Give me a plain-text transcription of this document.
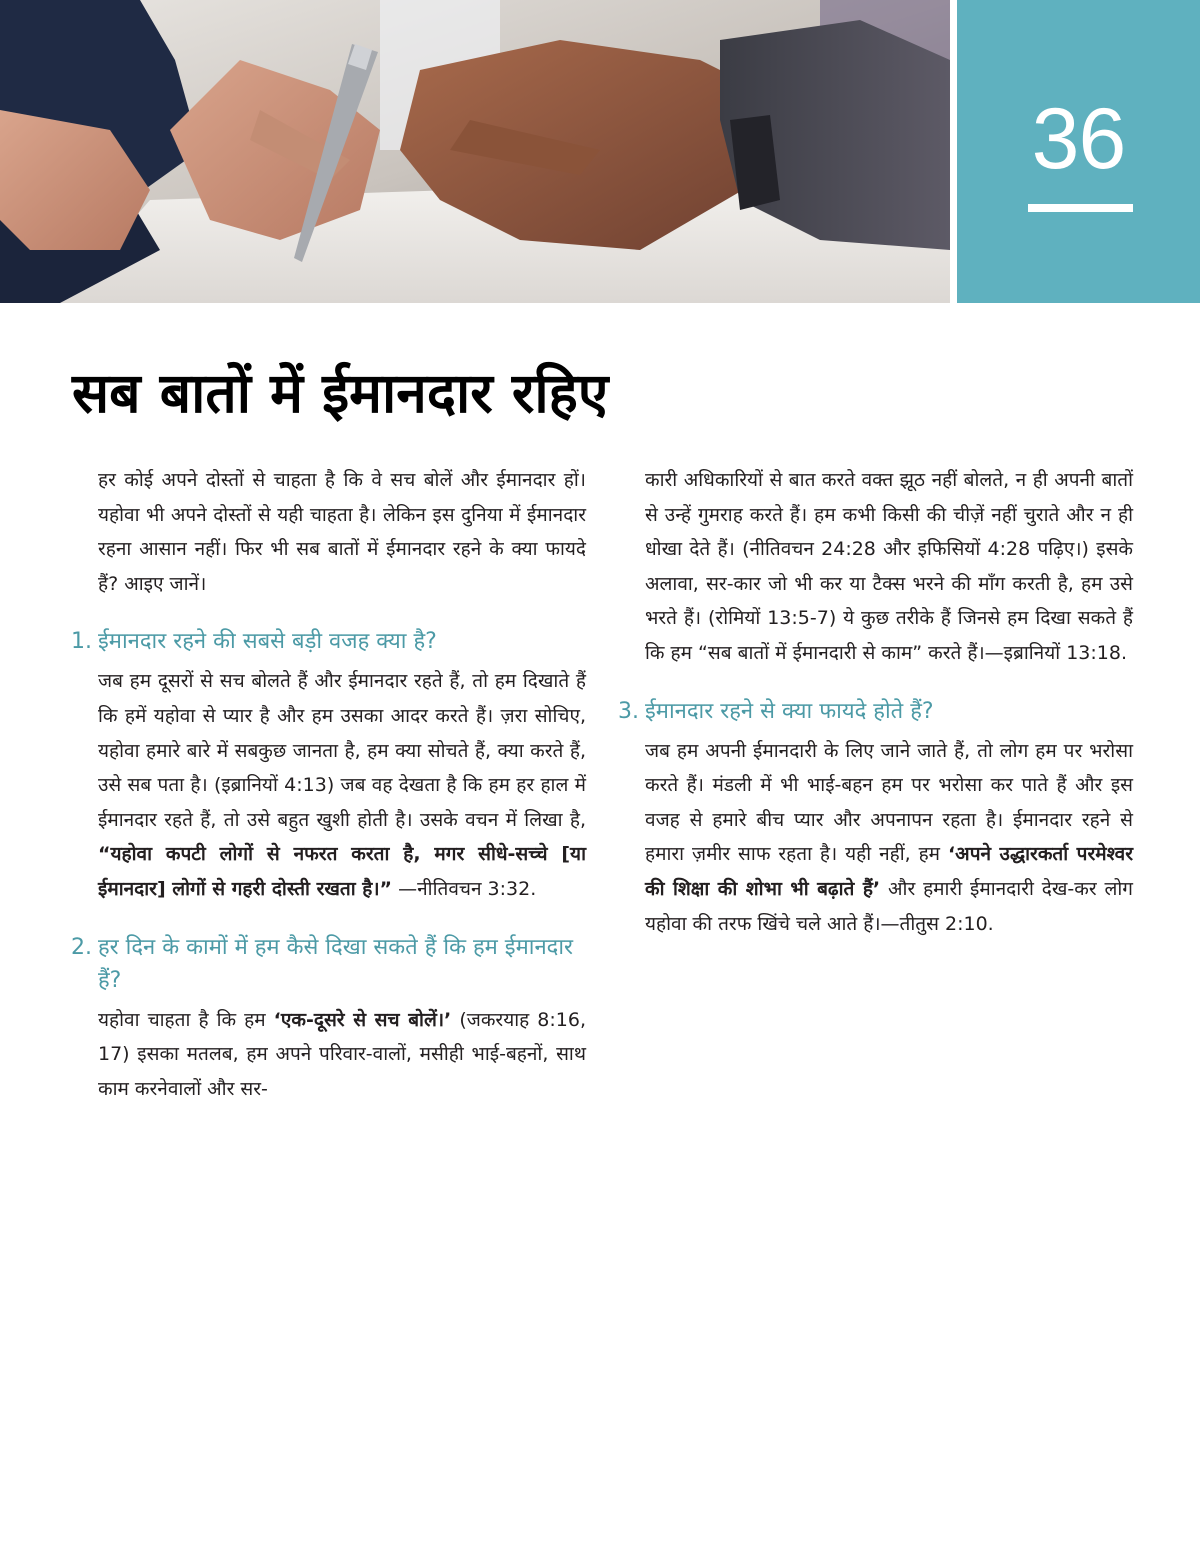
36
सब बातों में ईमानदार रहिए

हर कोई अपने दोस्तों से चाहता है कि वे सच बोलें और ईमानदार हों। यहोवा भी अपने दोस्तों से यही चाहता है। लेकिन इस दुनिया में ईमानदार रहना आसान नहीं। फिर भी सब बातों में ईमानदार रहने के क्या फायदे हैं? आइए जानें।

1. ईमानदार रहने की सबसे बड़ी वजह क्या है?

जब हम दूसरों से सच बोलते हैं और ईमानदार रहते हैं, तो हम दिखाते हैं कि हमें यहोवा से प्यार है और हम उसका आदर करते हैं। ज़रा सोचिए, यहोवा हमारे बारे में सबकुछ जानता है, हम क्या सोचते हैं, क्या करते हैं, उसे सब पता है। (इब्रानियों 4:13) जब वह देखता है कि हम हर हाल में ईमानदार रहते हैं, तो उसे बहुत खुशी होती है। उसके वचन में लिखा है, “यहोवा कपटी लोगों से नफरत करता है, मगर सीधे-सच्चे [या ईमानदार] लोगों से गहरी दोस्ती रखता है।” —नीतिवचन 3:32.

2. हर दिन के कामों में हम कैसे दिखा सकते हैं कि हम ईमानदार हैं?

यहोवा चाहता है कि हम ‘एक-दूसरे से सच बोलें।’ (जकरयाह 8:16, 17) इसका मतलब, हम अपने परिवार-वालों, मसीही भाई-बहनों, साथ काम करनेवालों और सर-

कारी अधिकारियों से बात करते वक्त झूठ नहीं बोलते, न ही अपनी बातों से उन्हें गुमराह करते हैं। हम कभी किसी की चीज़ें नहीं चुराते और न ही धोखा देते हैं। (नीतिवचन 24:28 और इफिसियों 4:28 पढ़िए।) इसके अलावा, सर-कार जो भी कर या टैक्स भरने की माँग करती है, हम उसे भरते हैं। (रोमियों 13:5-7) ये कुछ तरीके हैं जिनसे हम दिखा सकते हैं कि हम “सब बातों में ईमानदारी से काम” करते हैं।—इब्रानियों 13:18.

3. ईमानदार रहने से क्या फायदे होते हैं?

जब हम अपनी ईमानदारी के लिए जाने जाते हैं, तो लोग हम पर भरोसा करते हैं। मंडली में भी भाई-बहन हम पर भरोसा कर पाते हैं और इस वजह से हमारे बीच प्यार और अपनापन रहता है। ईमानदार रहने से हमारा ज़मीर साफ रहता है। यही नहीं, हम ‘अपने उद्धारकर्ता परमेश्वर की शिक्षा की शोभा भी बढ़ाते हैं’ और हमारी ईमानदारी देख-कर लोग यहोवा की तरफ खिंचे चले आते हैं।—तीतुस 2:10.
